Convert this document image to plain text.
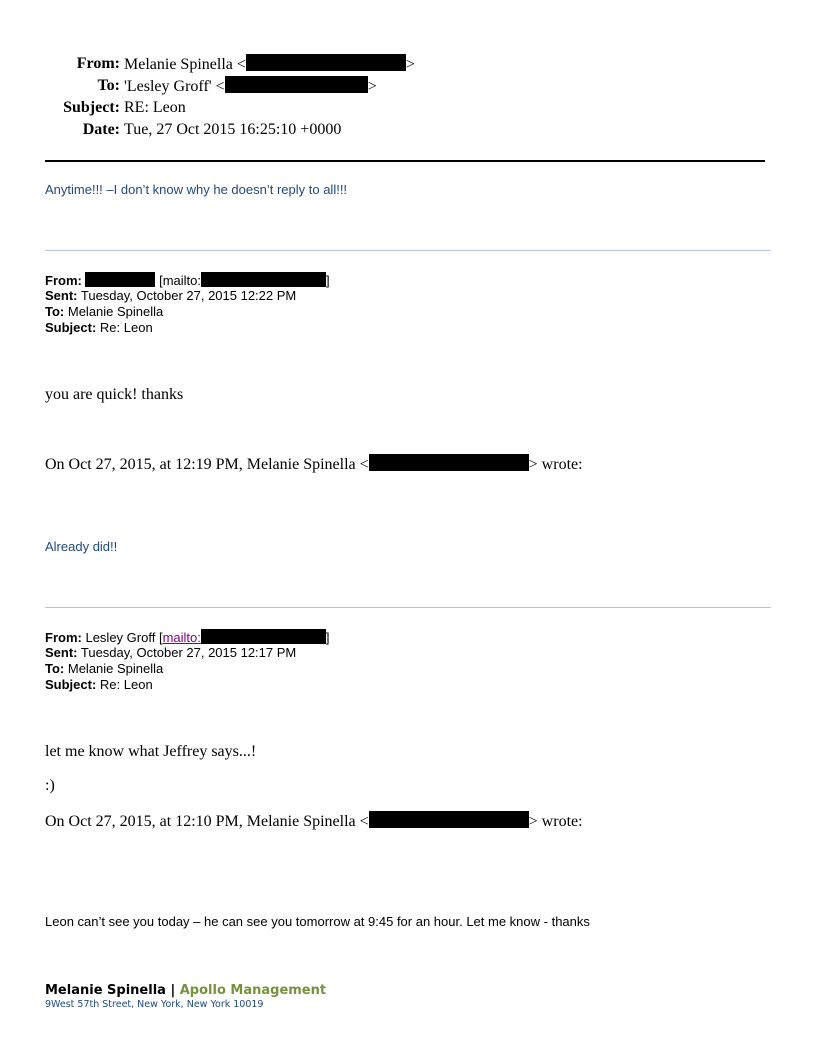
From: Melanie Spinella <	>
To: 'Lesley Groff' <	>
Subject: RE: Leon
Date: Tue, 27 Oct 2015 16:25:10 +0000
Anytime!!! –I don’t know why he doesn’t reply to all!!!
From:	[mailto:	]
Sent: Tuesday, October 27, 2015 12:22 PM
To: Melanie Spinella
Subject: Re: Leon
you are quick! thanks
On Oct 27, 2015, at 12:19 PM, Melanie Spinella <	> wrote:
Already did!!
From: Lesley Groff [mailto:	]
Sent: Tuesday, October 27, 2015 12:17 PM
To: Melanie Spinella
Subject: Re: Leon
let me know what Jeffrey says...!
:)
On Oct 27, 2015, at 12:10 PM, Melanie Spinella <	> wrote:
Leon can’t see you today – he can see you tomorrow at 9:45 for an hour. Let me know - thanks
Melanie Spinella | Apollo Management
9West 57th Street, New York, New York 10019
